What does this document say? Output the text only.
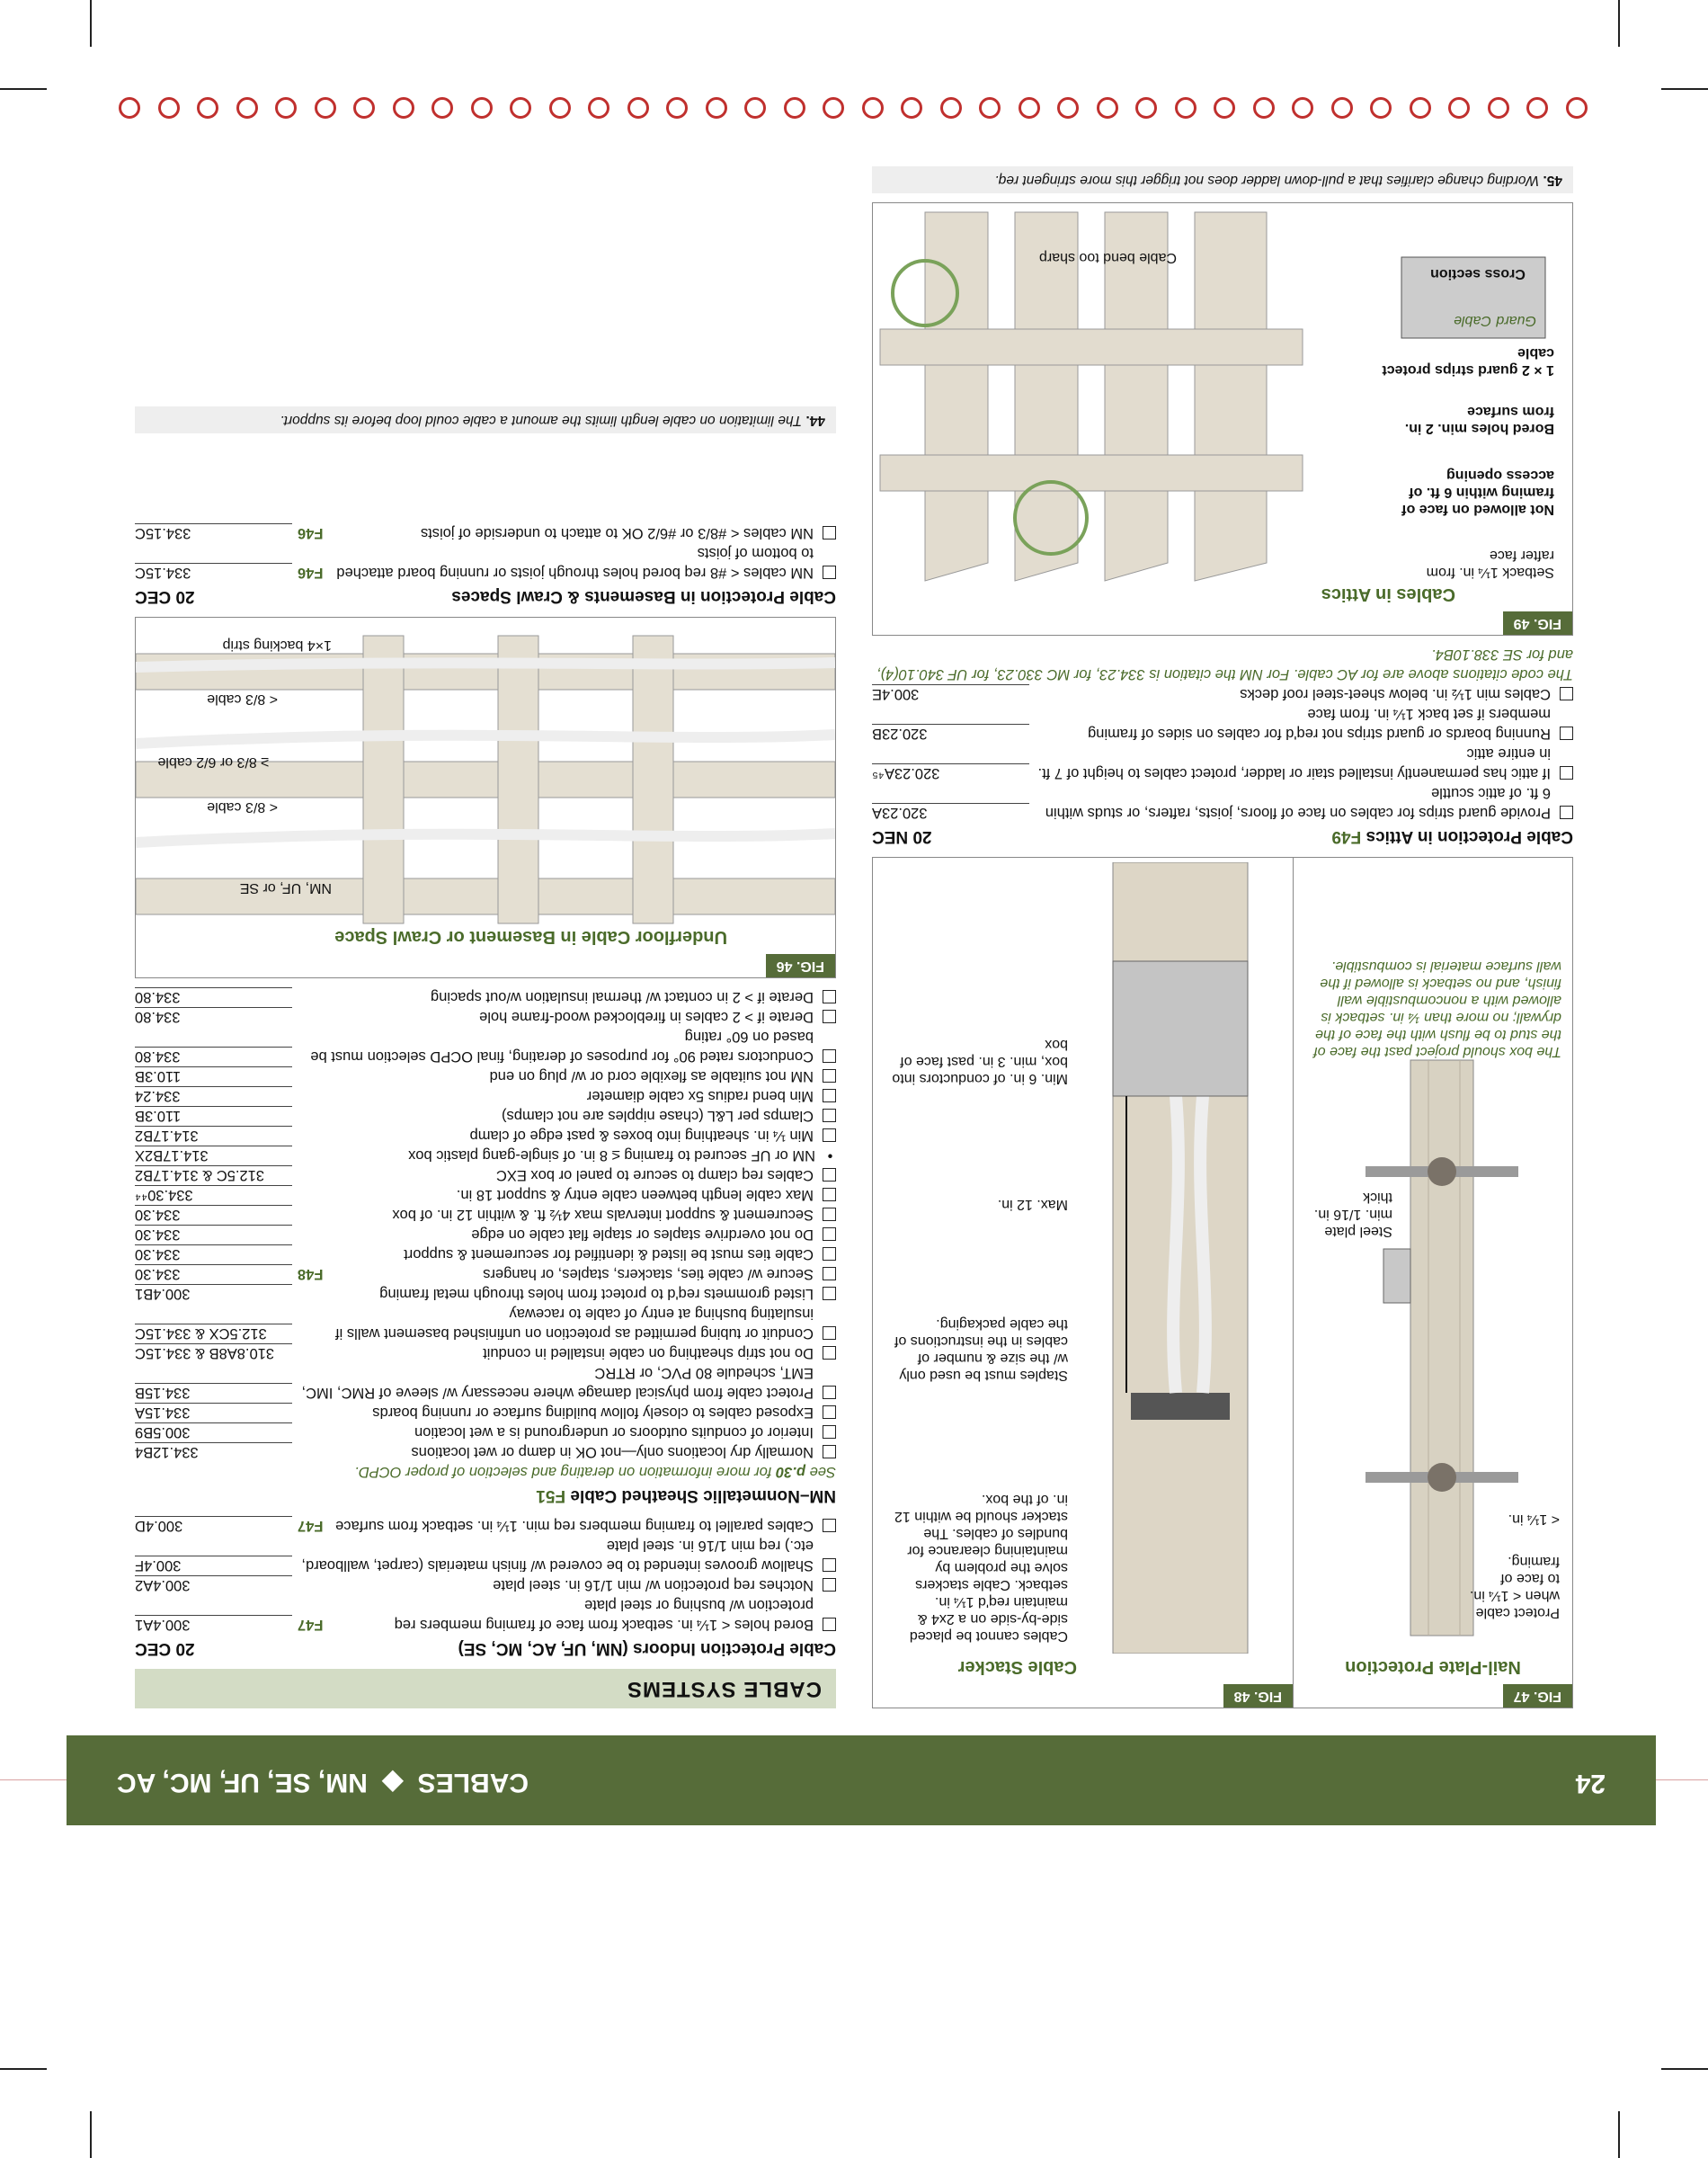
24
CABLES ◆ NM, SE, UF, MC, AC
FIG. 47
Nail-Plate Protection
Protect cable when < 1¼ in. to face of framing.
< 1¼ in.
Steel plate min. 1/16 in. thick
The box should project past the face of the stud to be flush with the face of the drywall; no more than ¼ in. setback is allowed with a noncombustible wall finish, and no setback is allowed if the wall surface material is combustible.
FIG. 48
Cable Stacker
Cables cannot be placed side-by-side on a 2x4 & maintain req'd 1¼ in. setback. Cable stackers solve the problem by maintaining clearance for bundles of cables. The stacker should be within 12 in. of the box.
Staples must be used only w/ the size & number of cables in the instructions of the cable packaging.
Max. 12 in.
Min. 6 in. of conductors into box, min. 3 in. past face of box
Cable Protection in Attics F49
20 NEC
Provide guard strips for cables on face of floors, joists, rafters, or studs within 6 ft. of attic scuttle
320.23A
If attic has permanently installed stair or ladder, protect cables to height of 7 ft. in entire attic
320.23A⁴⁵
Running boards or guard strips not req'd for cables on sides of framing members if set back 1¼ in. from face
320.23B
Cables min 1½ in. below sheet-steel roof decks
300.4E
The code citations above are for AC cable. For NM the citation is 334.23, for MC 330.23, for UF 340.10(4), and for SE 338.10B4.
FIG. 49
Cables in Attics
Setback 1¼ in. from rafter face
Not allowed on face of framing within 6 ft. of access opening
Bored holes min. 2 in. from surface
1 × 2 guard strips protect cable
Cross section
Guard
Cable
Cable bend too sharp
45. Wording change clarifies that a pull-down ladder does not trigger this more stringent req.
CABLE SYSTEMS
Cable Protection Indoors (NM, UF, AC, MC, SE)
20 CEC
Bored holes < 1¼ in. setback from face of framing members req protection w/ bushing or steel plate
F47
300.4A1
Notches req protection w/ min 1/16 in. steel plate
300.4A2
Shallow grooves intended to be covered w/ finish materials (carpet, wallboard, etc.) req min 1/16 in. steel plate
300.4F
Cables parallel to framing members req min. 1¼ in. setback from surface
F47
300.4D
NM–Nonmetallic Sheathed Cable F51
See p.30 for more information on derating and selection of proper OCPD.
Normally dry locations only—not OK in damp or wet locations
334.12B4
Interior of conduits outdoors or underground is a wet location
300.5B9
Exposed cables to closely follow building surface or running boards
334.15A
Protect cable from physical damage where necessary w/ sleeve of RMC, IMC, EMT, schedule 80 PVC, or RTRC
334.15B
Do not strip sheathing on cable installed in conduit
310.8A8B & 334.15C
Conduit or tubing permitted as protection on unfinished basement walls if insulating bushing at entry of cable to raceway
312.5CX & 334.15C
Listed grommets req'd to protect from holes through metal framing
300.4B1
Secure w/ cable ties, stackers, staples, or hangers
F48
334.30
Cable ties must be listed & identified for securement & support
334.30
Do not overdrive staples or staple flat cable on edge
334.30
Securement & support intervals max 4½ ft. & within 12 in. of box
334.30
Max cable length between cable entry & support 18 in.
334.30⁴⁴
Cables req clamp to secure to panel or box EXC
312.5C & 314.17B2
•
NM or UF secured to framing ≤ 8 in. of single-gang plastic box
314.17B2X
Min ¼ in. sheathing into boxes & past edge of clamp
314.17B2
Clamps per L&L (chase nipples are not clamps)
110.3B
Min bend radius 5x cable diameter
334.24
NM not suitable as flexible cord or w/ plug on end
110.3B
Conductors rated 90° for purposes of derating, final OCPD selection must be based on 60° rating
334.80
Derate if > 2 cables in fireblocked wood-frame hole
334.80
Derate if > 2 in contact w/ thermal insulation w/out spacing
334.80
FIG. 46
Underfloor Cable in Basement or Crawl Space
NM, UF, or SE
< 8/3 cable
≥ 8/3 or 6/2 cable
< 8/3 cable
1×4 backing strip
Cable Protection in Basements & Crawl Spaces
20 CEC
NM cables < #8 req bored holes through joists or running board attached to bottom of joists
F46
334.15C
NM cables < #8/3 or #6/2 OK to attach to underside of joists
F46
334.15C
44. The limitation on cable length limits the amount a cable could loop before its support.
